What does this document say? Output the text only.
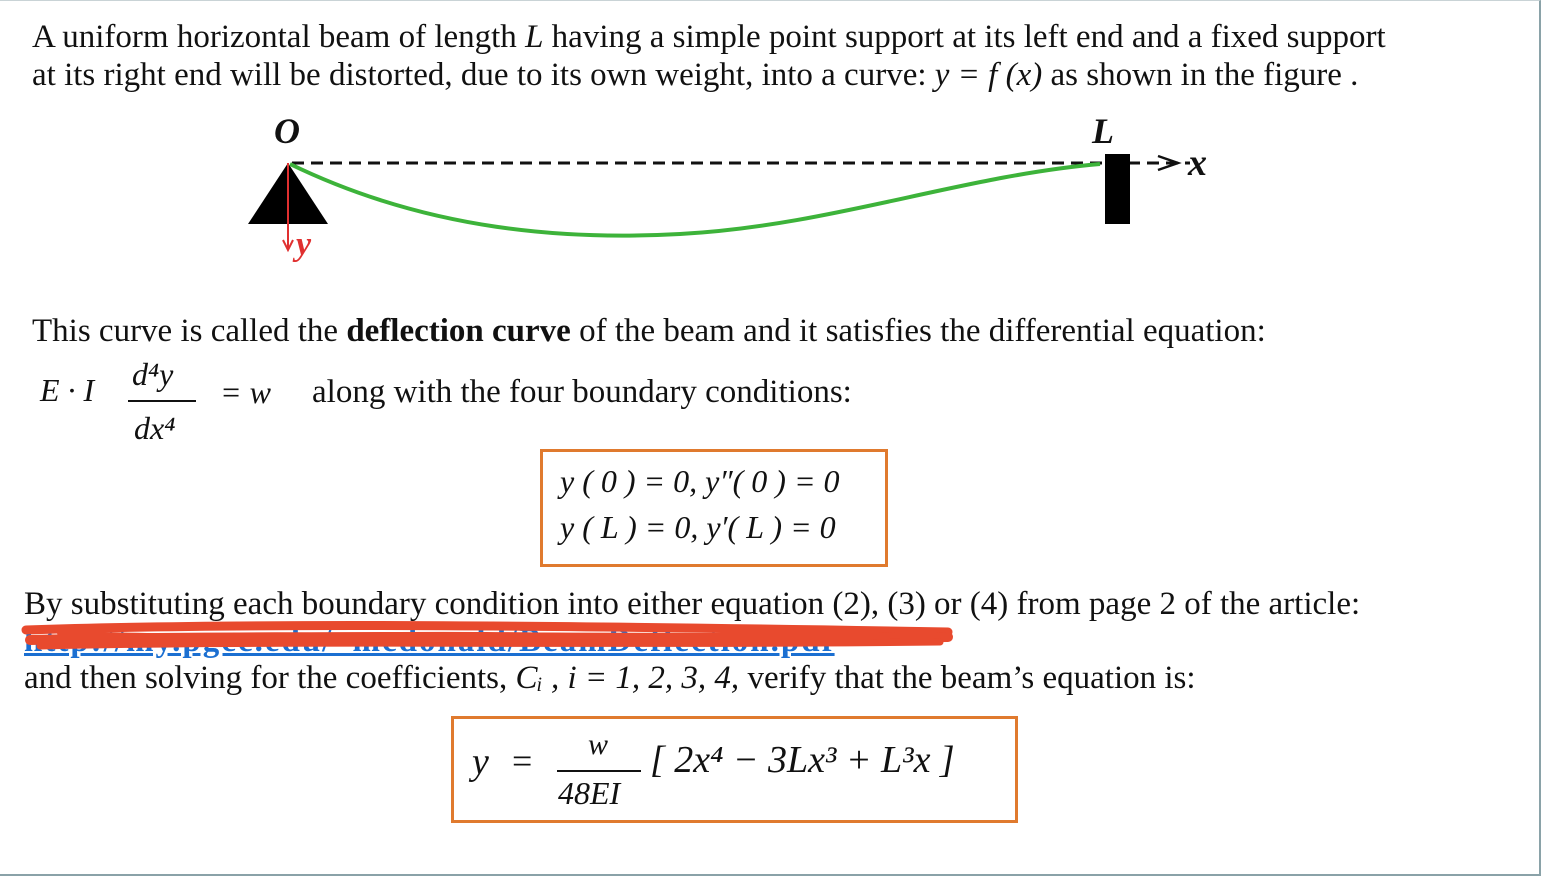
A uniform horizontal beam of length L having a simple point support at its left end and a fixed support
at its right end will be distorted, due to its own weight, into a curve: y = f (x) as shown in the figure .
O	L
x
y
This curve is called the deflection curve of the beam and it satisfies the differential equation:
E · I d⁴y
dx⁴
= w along with the four boundary conditions:
y ( 0 ) = 0, y″( 0 ) = 0
y ( L ) = 0, y′( L ) = 0
By substituting each boundary condition into either equation (2), (3) or (4) from page 2 of the article:
http://my.pgcc.edu/~mcdonald/BeamDeflection.pdf
and then solving for the coefficients, Cᵢ , i = 1, 2, 3, 4, verify that the beam’s equation is:
y = w
48EI
[ 2x⁴ − 3Lx³ + L³x ]
